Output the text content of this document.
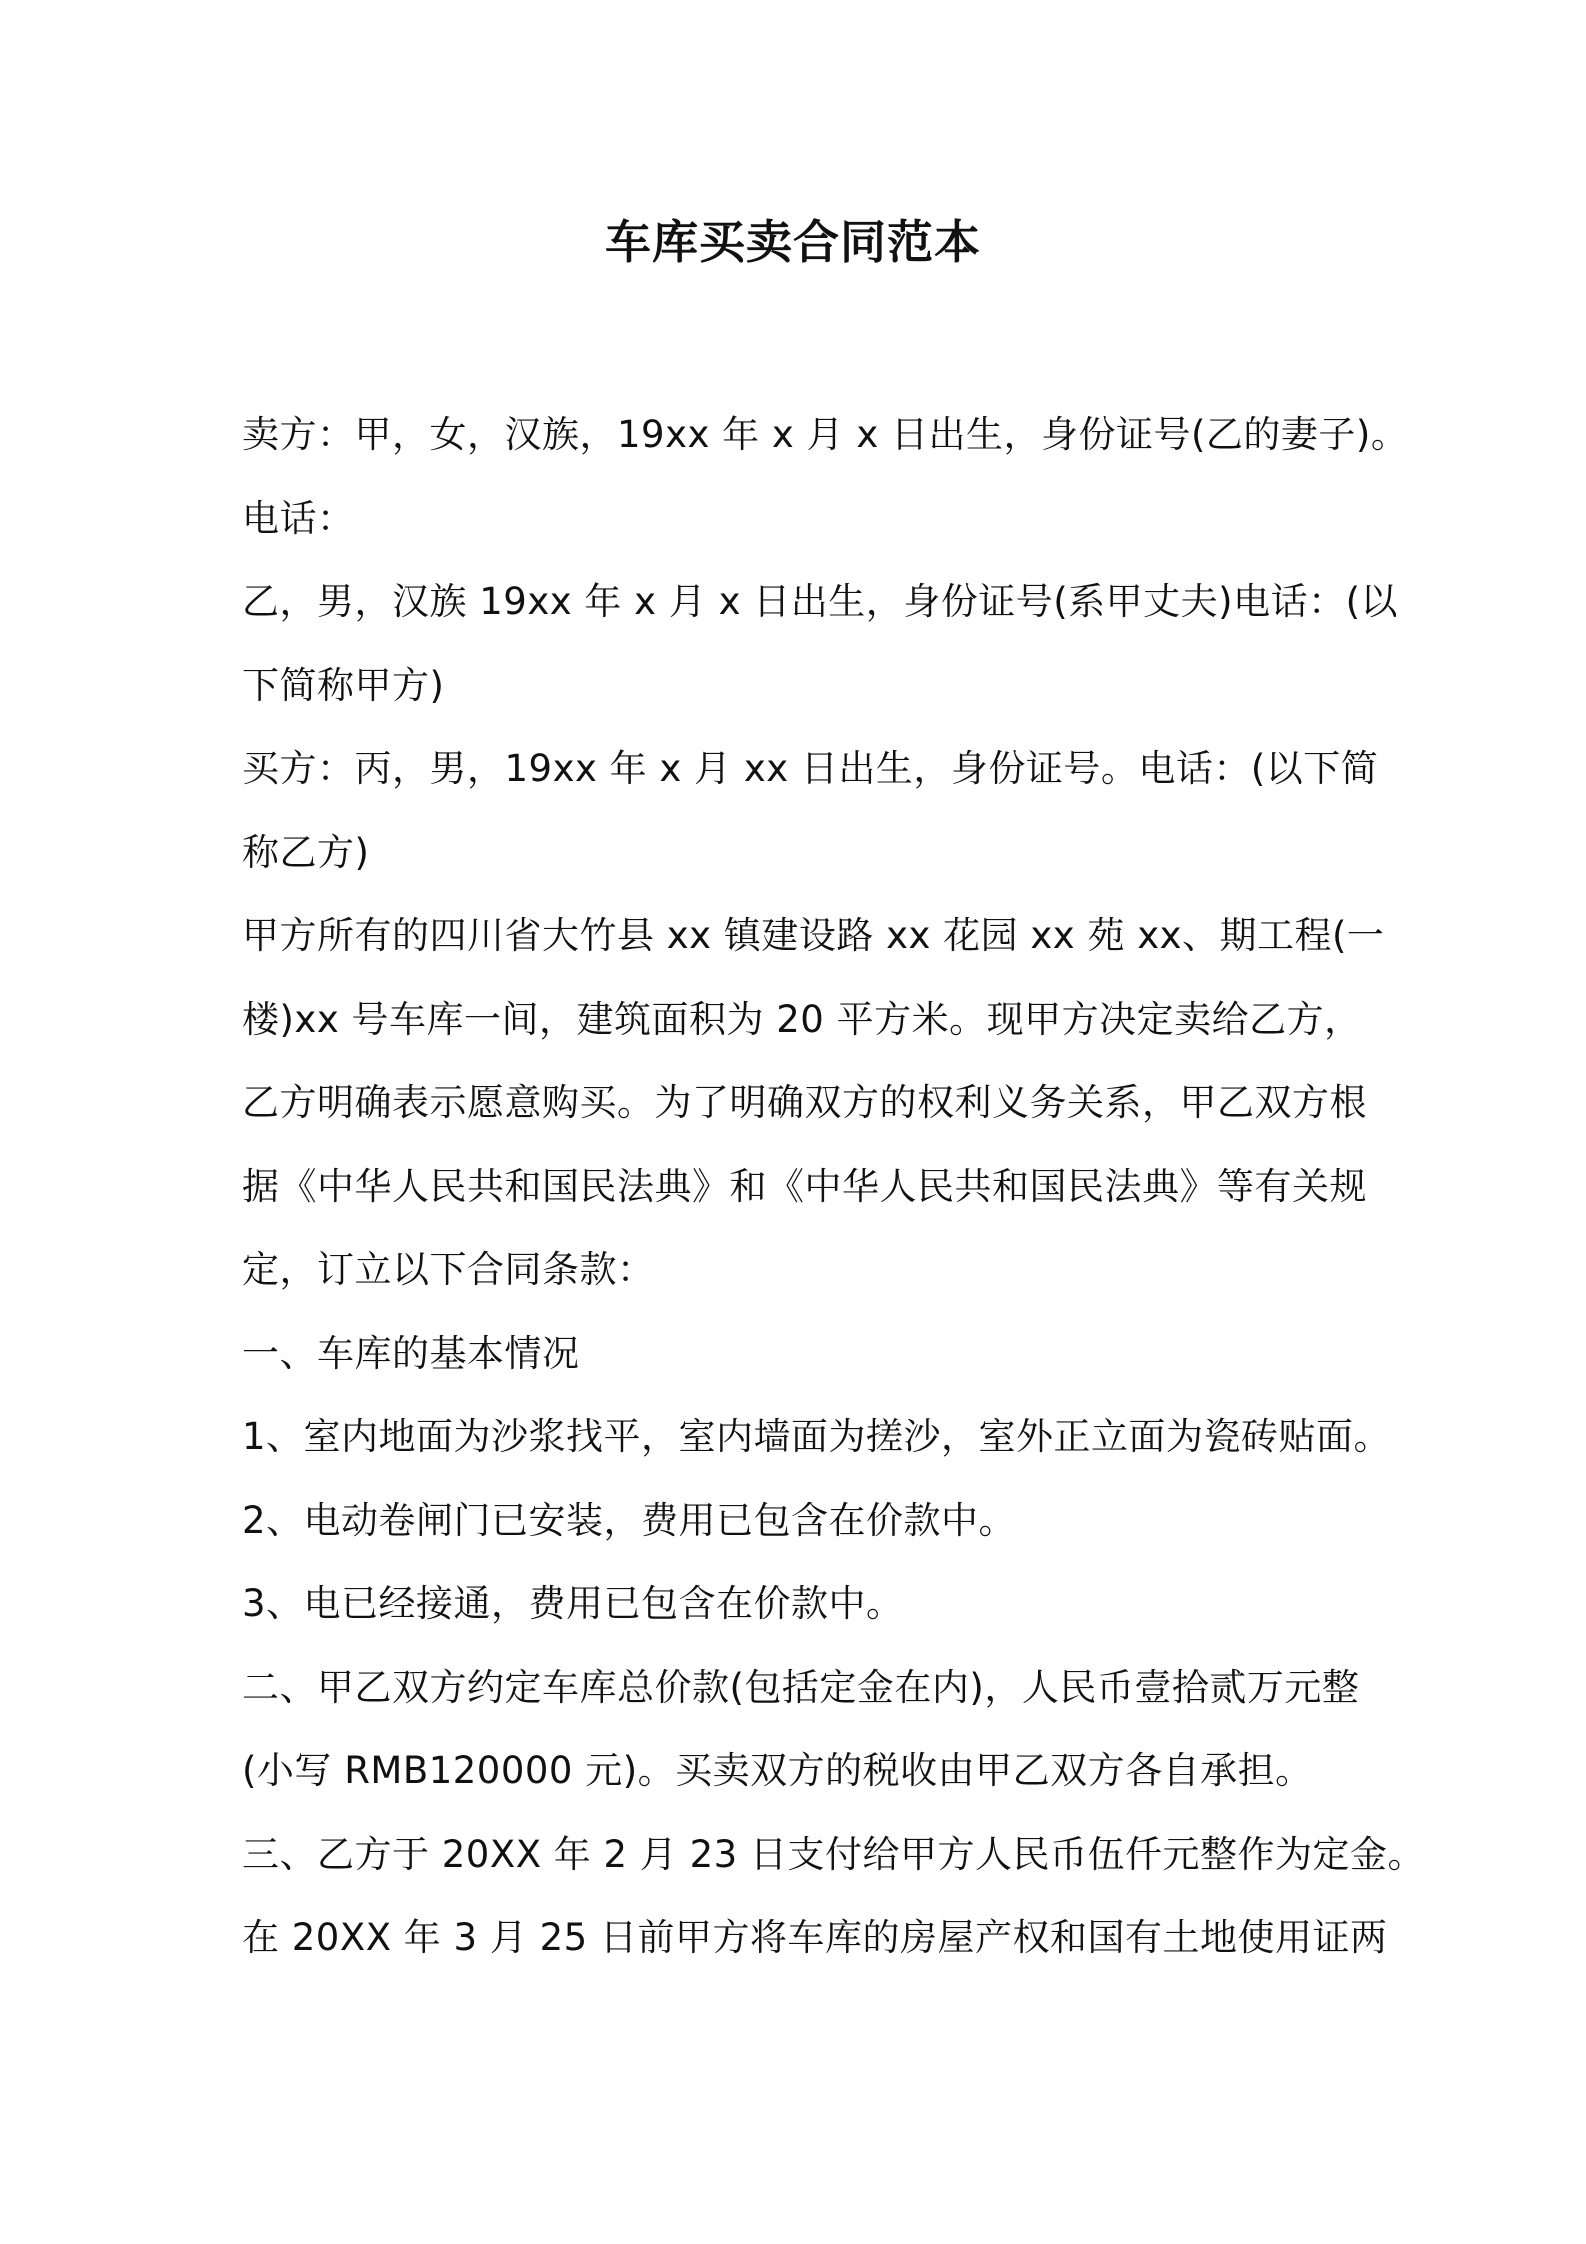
车库买卖合同范本
卖方：甲，女，汉族，19xx 年 x 月 x 日出生，身份证号(乙的妻子)。
电话：
乙，男，汉族 19xx 年 x 月 x 日出生，身份证号(系甲丈夫)电话：(以
下简称甲方)
买方：丙，男，19xx 年 x 月 xx 日出生，身份证号。电话：(以下简
称乙方)
甲方所有的四川省大竹县 xx 镇建设路 xx 花园 xx 苑 xx、期工程(一
楼)xx 号车库一间，建筑面积为 20 平方米。现甲方决定卖给乙方，
乙方明确表示愿意购买。为了明确双方的权利义务关系，甲乙双方根
据《中华人民共和国民法典》和《中华人民共和国民法典》等有关规
定，订立以下合同条款：
一、车库的基本情况
1、室内地面为沙浆找平，室内墙面为搓沙，室外正立面为瓷砖贴面。
2、电动卷闸门已安装，费用已包含在价款中。
3、电已经接通，费用已包含在价款中。
二、甲乙双方约定车库总价款(包括定金在内)，人民币壹拾贰万元整
(小写 RMB120000 元)。买卖双方的税收由甲乙双方各自承担。
三、乙方于 20XX 年 2 月 23 日支付给甲方人民币伍仟元整作为定金。
在 20XX 年 3 月 25 日前甲方将车库的房屋产权和国有土地使用证两
